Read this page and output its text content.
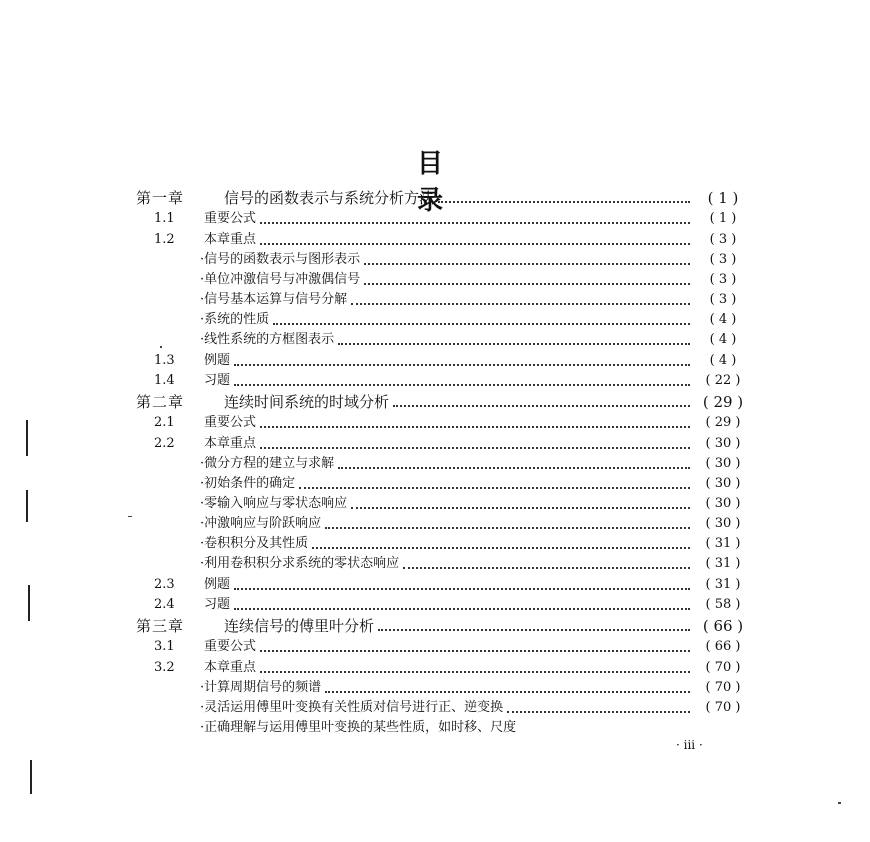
目　　录
第一章	信号的函数表示与系统分析方法	( 1 )
1.1	重要公式	( 1 )
1.2	本章重点	( 3 )
·信号的函数表示与图形表示	( 3 )
·单位冲激信号与冲激偶信号	( 3 )
·信号基本运算与信号分解	( 3 )
·系统的性质	( 4 )
·线性系统的方框图表示	( 4 )
1.3	例题	( 4 )
1.4	习题	( 22 )
第二章	连续时间系统的时域分析	( 29 )
2.1	重要公式	( 29 )
2.2	本章重点	( 30 )
·微分方程的建立与求解	( 30 )
·初始条件的确定	( 30 )
·零输入响应与零状态响应	( 30 )
·冲激响应与阶跃响应	( 30 )
·卷积积分及其性质	( 31 )
·利用卷积积分求系统的零状态响应	( 31 )
2.3	例题	( 31 )
2.4	习题	( 58 )
第三章	连续信号的傅里叶分析	( 66 )
3.1	重要公式	( 66 )
3.2	本章重点	( 70 )
·计算周期信号的频谱	( 70 )
·灵活运用傅里叶变换有关性质对信号进行正、逆变换	( 70 )
·正确理解与运用傅里叶变换的某些性质，如时移、尺度
· iii ·
